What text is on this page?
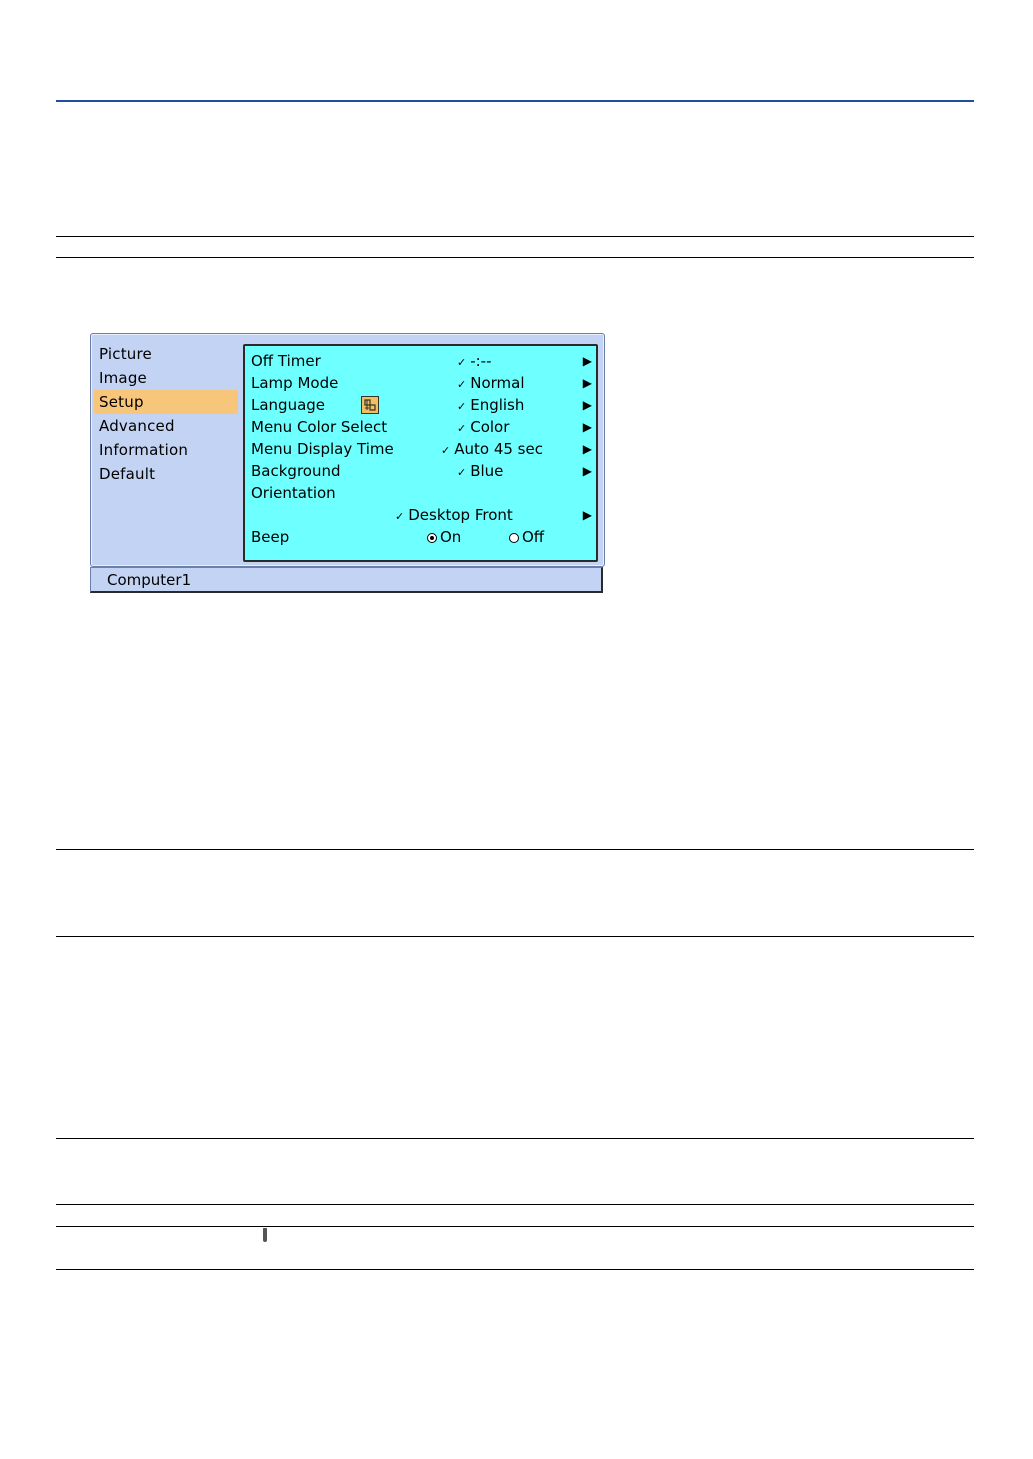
Picture
Image
Setup
Advanced
Information
Default
Off Timer	✓ -:--	▶
Lamp Mode	✓ Normal	▶
Language	✓ English	▶
Menu Color Select	✓ Color	▶
Menu Display Time	✓ Auto 45 sec	▶
Background	✓ Blue	▶
Orientation
✓ Desktop Front	▶
Beep	On	Off
Computer1
